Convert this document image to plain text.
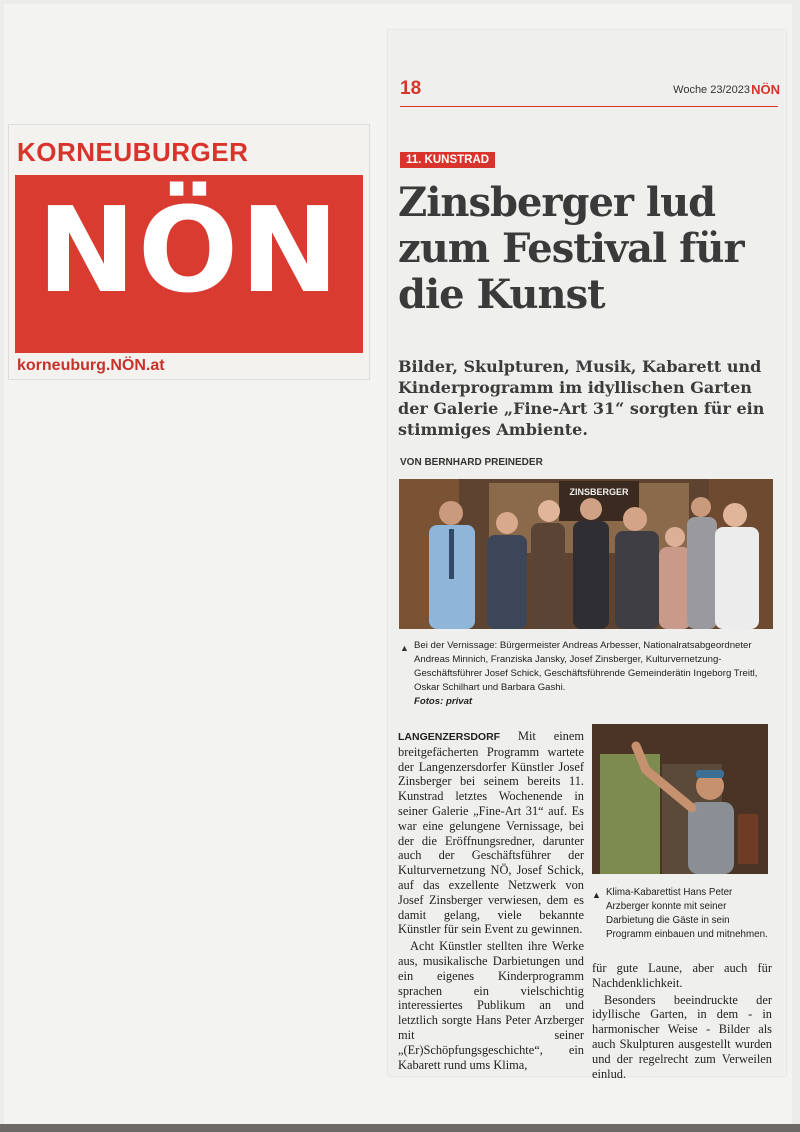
KORNEUBURGER
NÖN
korneuburg.NÖN.at
18	Woche 23/2023 NÖN
11. KUNSTRAD
Zinsberger lud zum Festival für die Kunst

Bilder, Skulpturen, Musik, Kabarett und Kinderprogramm im idyllischen Garten der Galerie „Fine-Art 31“ sorgten für ein stimmiges Ambiente.

VON BERNHARD PREINEDER
ZINSBERGER
▲ Bei der Vernissage: Bürgermeister Andreas Arbesser, Nationalratsabgeordneter Andreas Minnich, Franziska Jansky, Josef Zinsberger, Kulturvernetzung-Geschäftsführer Josef Schick, Geschäftsführende Gemeinderätin Ingeborg Treitl, Oskar Schilhart und Barbara Gashi.
Fotos: privat

LANGENZERSDORF Mit einem breitgefächerten Programm wartete der Langenzersdorfer Künstler Josef Zinsberger bei seinem bereits 11. Kunstrad letztes Wochenende in seiner Galerie „Fine-Art 31“ auf. Es war eine gelungene Vernissage, bei der die Eröffnungsredner, darunter auch der Geschäftsführer der Kulturvernetzung NÖ, Josef Schick, auf das exzellente Netzwerk von Josef Zinsberger verwiesen, dem es damit gelang, viele bekannte Künstler für sein Event zu gewinnen.

Acht Künstler stellten ihre Werke aus, musikalische Darbietungen und ein eigenes Kinderprogramm sprachen ein vielschichtig interessiertes Publikum an und letztlich sorgte Hans Peter Arzberger mit seiner „(Er)Schöpfungsgeschichte“, ein Kabarett rund ums Klima,

▲ Klima-Kabarettist Hans Peter Arzberger konnte mit seiner Darbietung die Gäste in sein Programm einbauen und mitnehmen.

für gute Laune, aber auch für Nachdenklichkeit.

Besonders beeindruckte der idyllische Garten, in dem - in harmonischer Weise - Bilder als auch Skulpturen ausgestellt wurden und der regelrecht zum Verweilen einlud.
